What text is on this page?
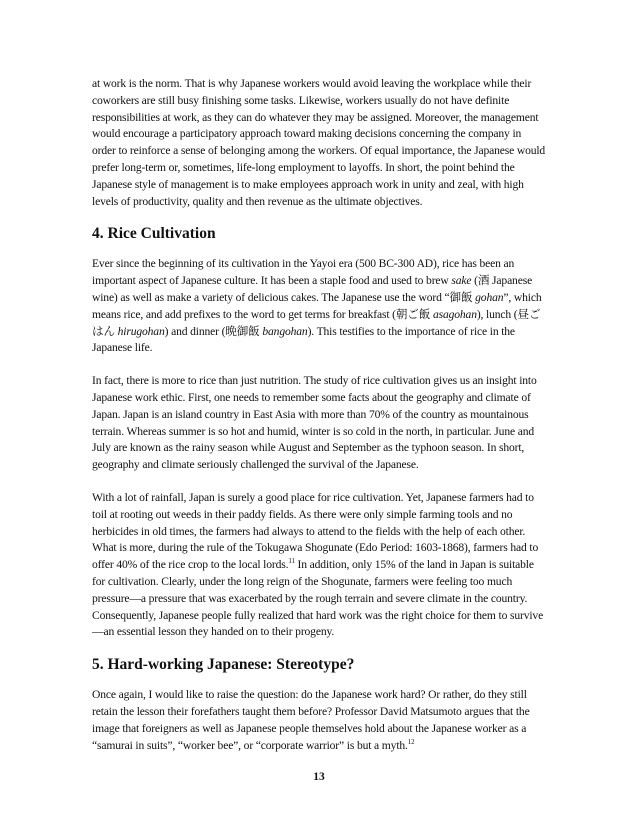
at work is the norm. That is why Japanese workers would avoid leaving the workplace while their coworkers are still busy finishing some tasks. Likewise, workers usually do not have definite responsibilities at work, as they can do whatever they may be assigned. Moreover, the management would encourage a participatory approach toward making decisions concerning the company in order to reinforce a sense of belonging among the workers. Of equal importance, the Japanese would prefer long-term or, sometimes, life-long employment to layoffs. In short, the point behind the Japanese style of management is to make employees approach work in unity and zeal, with high levels of productivity, quality and then revenue as the ultimate objectives.

4. Rice Cultivation

Ever since the beginning of its cultivation in the Yayoi era (500 BC-300 AD), rice has been an important aspect of Japanese culture. It has been a staple food and used to brew sake (酒 Japanese wine) as well as make a variety of delicious cakes. The Japanese use the word “御飯 gohan”, which means rice, and add prefixes to the word to get terms for breakfast (朝ご飯 asagohan), lunch (昼ごはん hirugohan) and dinner (晩御飯 bangohan). This testifies to the importance of rice in the Japanese life.

In fact, there is more to rice than just nutrition. The study of rice cultivation gives us an insight into Japanese work ethic. First, one needs to remember some facts about the geography and climate of Japan. Japan is an island country in East Asia with more than 70% of the country as mountainous terrain. Whereas summer is so hot and humid, winter is so cold in the north, in particular. June and July are known as the rainy season while August and September as the typhoon season. In short, geography and climate seriously challenged the survival of the Japanese.

With a lot of rainfall, Japan is surely a good place for rice cultivation. Yet, Japanese farmers had to toil at rooting out weeds in their paddy fields. As there were only simple farming tools and no herbicides in old times, the farmers had always to attend to the fields with the help of each other. What is more, during the rule of the Tokugawa Shogunate (Edo Period: 1603-1868), farmers had to offer 40% of the rice crop to the local lords.$^{11}$ In addition, only 15% of the land in Japan is suitable for cultivation. Clearly, under the long reign of the Shogunate, farmers were feeling too much pressure—a pressure that was exacerbated by the rough terrain and severe climate in the country. Consequently, Japanese people fully realized that hard work was the right choice for them to survive—an essential lesson they handed on to their progeny.

5. Hard-working Japanese: Stereotype?

Once again, I would like to raise the question: do the Japanese work hard? Or rather, do they still retain the lesson their forefathers taught them before? Professor David Matsumoto argues that the image that foreigners as well as Japanese people themselves hold about the Japanese worker as a “samurai in suits”, “worker bee”, or “corporate warrior” is but a myth.$^{12}$

13
